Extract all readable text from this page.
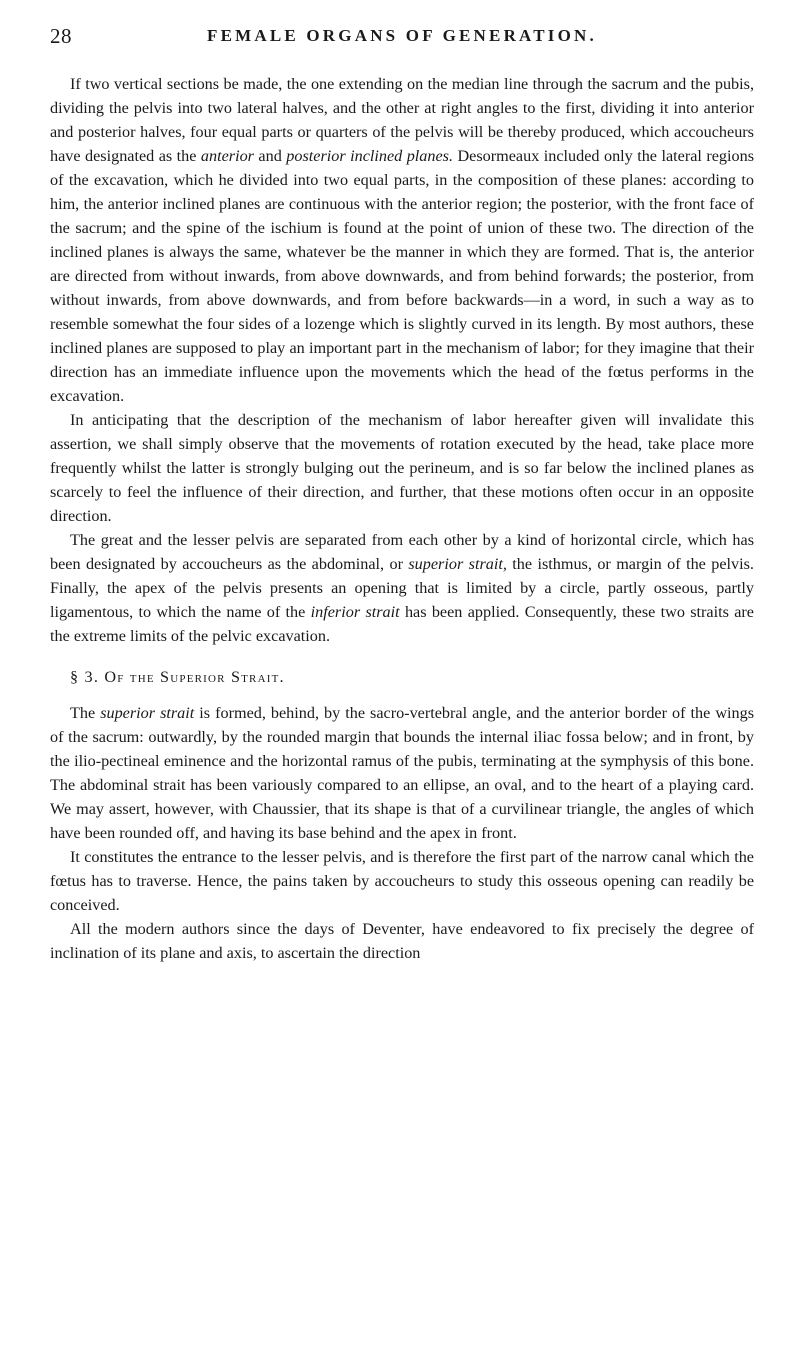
28	FEMALE ORGANS OF GENERATION.

If two vertical sections be made, the one extending on the median line through the sacrum and the pubis, dividing the pelvis into two lateral halves, and the other at right angles to the first, dividing it into anterior and posterior halves, four equal parts or quarters of the pelvis will be thereby produced, which accoucheurs have designated as the anterior and posterior inclined planes. Desormeaux included only the lateral regions of the excavation, which he divided into two equal parts, in the composition of these planes: according to him, the anterior inclined planes are continuous with the anterior region; the posterior, with the front face of the sacrum; and the spine of the ischium is found at the point of union of these two. The direction of the inclined planes is always the same, whatever be the manner in which they are formed. That is, the anterior are directed from without inwards, from above downwards, and from behind forwards; the posterior, from without inwards, from above downwards, and from before backwards—in a word, in such a way as to resemble somewhat the four sides of a lozenge which is slightly curved in its length. By most authors, these inclined planes are supposed to play an important part in the mechanism of labor; for they imagine that their direction has an immediate influence upon the movements which the head of the fœtus performs in the excavation.

In anticipating that the description of the mechanism of labor hereafter given will invalidate this assertion, we shall simply observe that the movements of rotation executed by the head, take place more frequently whilst the latter is strongly bulging out the perineum, and is so far below the inclined planes as scarcely to feel the influence of their direction, and further, that these motions often occur in an opposite direction.

The great and the lesser pelvis are separated from each other by a kind of horizontal circle, which has been designated by accoucheurs as the abdominal, or superior strait, the isthmus, or margin of the pelvis. Finally, the apex of the pelvis presents an opening that is limited by a circle, partly osseous, partly ligamentous, to which the name of the inferior strait has been applied. Consequently, these two straits are the extreme limits of the pelvic excavation.

§ 3. Of the Superior Strait.

The superior strait is formed, behind, by the sacro-vertebral angle, and the anterior border of the wings of the sacrum: outwardly, by the rounded margin that bounds the internal iliac fossa below; and in front, by the ilio-pectineal eminence and the horizontal ramus of the pubis, terminating at the symphysis of this bone. The abdominal strait has been variously compared to an ellipse, an oval, and to the heart of a playing card. We may assert, however, with Chaussier, that its shape is that of a curvilinear triangle, the angles of which have been rounded off, and having its base behind and the apex in front.

It constitutes the entrance to the lesser pelvis, and is therefore the first part of the narrow canal which the fœtus has to traverse. Hence, the pains taken by accoucheurs to study this osseous opening can readily be conceived.

All the modern authors since the days of Deventer, have endeavored to fix precisely the degree of inclination of its plane and axis, to ascertain the direction
